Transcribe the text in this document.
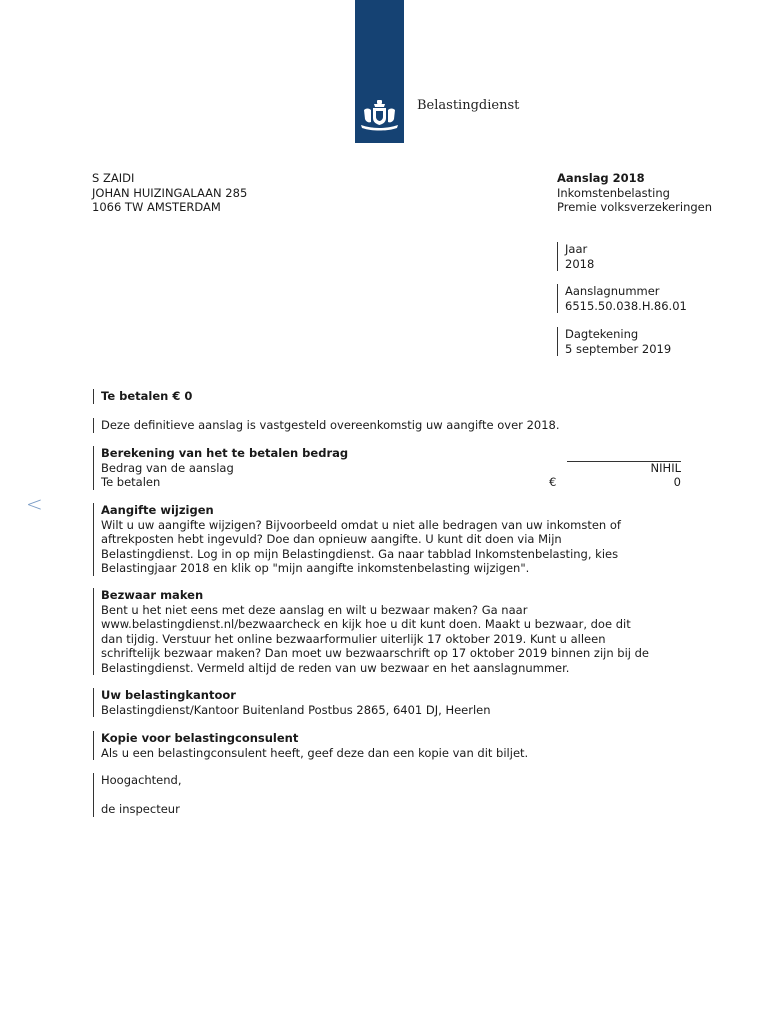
Belastingdienst
S ZAIDI
JOHAN HUIZINGALAAN 285
1066 TW AMSTERDAM
Aanslag 2018
Inkomstenbelasting
Premie volksverzekeringen
Jaar
2018
Aanslagnummer
6515.50.038.H.86.01
Dagtekening
5 september 2019
Te betalen € 0
Deze definitieve aanslag is vastgesteld overeenkomstig uw aangifte over 2018.
Berekening van het te betalen bedrag
Bedrag van de aanslag	NIHIL
Te betalen	€	0
<	Aangifte wijzigen
Wilt u uw aangifte wijzigen? Bijvoorbeeld omdat u niet alle bedragen van uw inkomsten of
aftrekposten hebt ingevuld? Doe dan opnieuw aangifte. U kunt dit doen via Mijn
Belastingdienst. Log in op mijn Belastingdienst. Ga naar tabblad Inkomstenbelasting, kies
Belastingjaar 2018 en klik op "mijn aangifte inkomstenbelasting wijzigen".
Bezwaar maken
Bent u het niet eens met deze aanslag en wilt u bezwaar maken? Ga naar
www.belastingdienst.nl/bezwaarcheck en kijk hoe u dit kunt doen. Maakt u bezwaar, doe dit
dan tijdig. Verstuur het online bezwaarformulier uiterlijk 17 oktober 2019. Kunt u alleen
schriftelijk bezwaar maken? Dan moet uw bezwaarschrift op 17 oktober 2019 binnen zijn bij de
Belastingdienst. Vermeld altijd de reden van uw bezwaar en het aanslagnummer.
Uw belastingkantoor
Belastingdienst/Kantoor Buitenland Postbus 2865, 6401 DJ, Heerlen
Kopie voor belastingconsulent
Als u een belastingconsulent heeft, geef deze dan een kopie van dit biljet.
Hoogachtend,
de inspecteur
